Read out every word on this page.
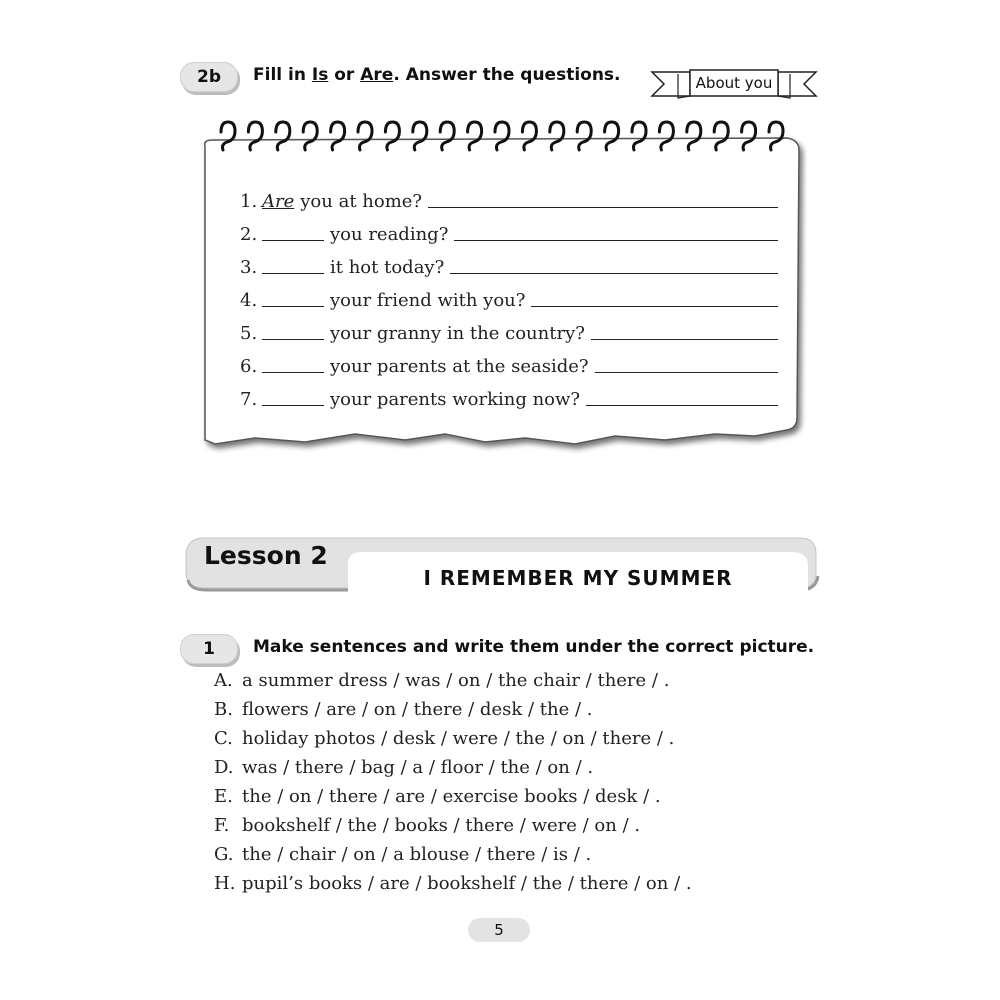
2b	Fill in Is or Are. Answer the questions.	About you
1. Are you at home?
2.	you reading?
3.	it hot today?
4.	your friend with you?
5.	your granny in the country?
6.	your parents at the seaside?
7.	your parents working now?
Lesson 2
I REMEMBER MY SUMMER
1	Make sentences and write them under the correct picture.
A. a summer dress / was / on / the chair / there / .
B. flowers / are / on / there / desk / the / .
C. holiday photos / desk / were / the / on / there / .
D. was / there / bag / a / floor / the / on / .
E. the / on / there / are / exercise books / desk / .
F. bookshelf / the / books / there / were / on / .
G. the / chair / on / a blouse / there / is / .
H. pupil’s books / are / bookshelf / the / there / on / .
5
